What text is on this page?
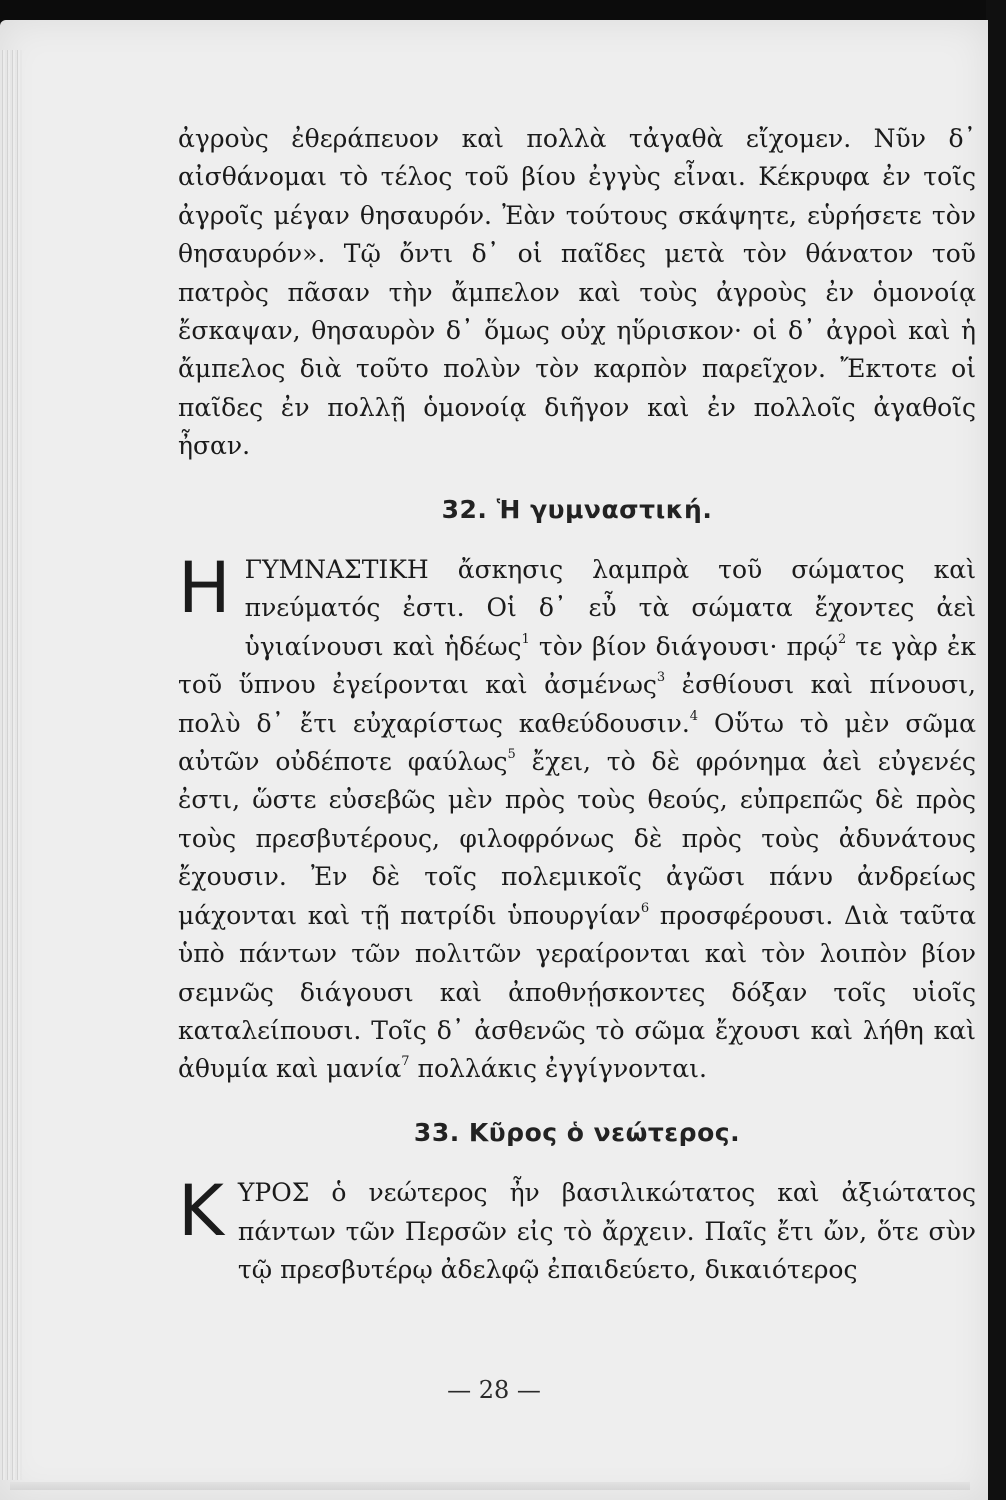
ἀγροὺς ἐθεράπευον καὶ πολλὰ τἀγαθὰ εἴχομεν. Νῦν δ᾽ αἰσθάνομαι τὸ τέλος τοῦ βίου ἐγγὺς εἶναι. Κέκρυφα ἐν τοῖς ἀγροῖς μέγαν θησαυρόν. Ἐὰν τούτους σκάψητε, εὑρήσετε τὸν θησαυρόν». Τῷ ὄντι δ᾽ οἱ παῖδες μετὰ τὸν θάνατον τοῦ πατρὸς πᾶσαν τὴν ἄμπελον καὶ τοὺς ἀγροὺς ἐν ὁμονοίᾳ ἔσκαψαν, θησαυρὸν δ᾽ ὅμως οὐχ ηὕρισκον· οἱ δ᾽ ἀγροὶ καὶ ἡ ἄμπελος διὰ τοῦτο πολὺν τὸν καρπὸν παρεῖχον. Ἔκτοτε οἱ παῖδες ἐν πολλῇ ὁμονοίᾳ διῆγον καὶ ἐν πολλοῖς ἀγαθοῖς ἦσαν.

32. Ἡ γυμναστική.

ΗΓΥΜΝΑΣΤΙΚΗ ἄσκησις λαμπρὰ τοῦ σώματος καὶ πνεύματός ἐστι. Οἱ δ᾽ εὖ τὰ σώματα ἔχοντες ἀεὶ ὑγιαίνουσι καὶ ἡδέως$^1$ τὸν βίον διάγουσι· πρῴ$^2$ τε γὰρ ἐκ τοῦ ὕπνου ἐγείρονται καὶ ἀσμένως$^3$ ἐσθίουσι καὶ πίνουσι, πολὺ δ᾽ ἔτι εὐχαρίστως καθεύδουσιν.$^4$ Οὕτω τὸ μὲν σῶμα αὐτῶν οὐδέποτε φαύλως$^5$ ἔχει, τὸ δὲ φρόνημα ἀεὶ εὐγενές ἐστι, ὥστε εὐσεβῶς μὲν πρὸς τοὺς θεούς, εὐπρεπῶς δὲ πρὸς τοὺς πρεσβυτέρους, φιλοφρόνως δὲ πρὸς τοὺς ἀδυνάτους ἔχουσιν. Ἐν δὲ τοῖς πολεμικοῖς ἀγῶσι πάνυ ἀνδρείως μάχονται καὶ τῇ πατρίδι ὑπουργίαν$^6$ προσφέρουσι. Διὰ ταῦτα ὑπὸ πάντων τῶν πολιτῶν γεραίρονται καὶ τὸν λοιπὸν βίον σεμνῶς διάγουσι καὶ ἀποθνῄσκοντες δόξαν τοῖς υἱοῖς καταλείπουσι. Τοῖς δ᾽ ἀσθενῶς τὸ σῶμα ἔχουσι καὶ λήθη καὶ ἀθυμία καὶ μανία$^7$ πολλάκις ἐγγίγνονται.

33. Κῦρος ὁ νεώτερος.

ΚΥΡΟΣ ὁ νεώτερος ἦν βασιλικώτατος καὶ ἀξιώτατος πάντων τῶν Περσῶν εἰς τὸ ἄρχειν. Παῖς ἔτι ὤν, ὅτε σὺν τῷ πρεσβυτέρῳ ἀδελφῷ ἐπαιδεύετο, δικαιότερος

— 28 —
